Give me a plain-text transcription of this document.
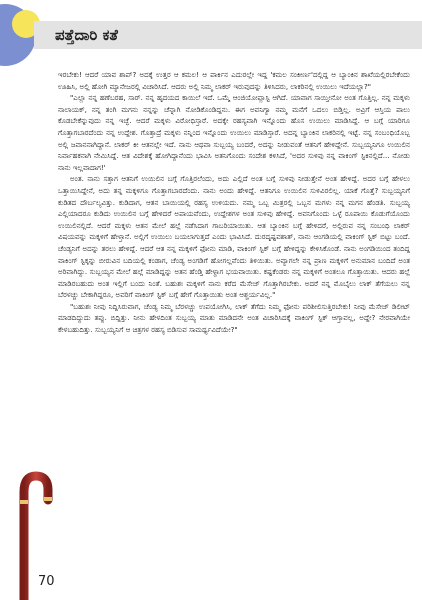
ಪತ್ತೆದಾರಿ ಕತೆ

ಇರಬೇಕು! ಆದರೆ ಯಾವ ಶಾಪ್? ಅದಕ್ಕೆ ಉತ್ತರ ಆ ಕಮಲ! ಆ ಪಾರ್ಕಿನ ಎದುರಲ್ಲೇ ಇದ್ದ 'ಕಮಲ ಸಂಕೀರ್ಣ'ದಲ್ಲಿದ್ದ ಆ ಬ್ಯಾಂಕಿನ ಶಾಖೆಯಲ್ಲಿರಬೇಕೆಂದು ಊಹಿಸಿ, ಅಲ್ಲಿ ಹೋಗಿ ಮ್ಯಾನೇಜರಲ್ಲಿ ವಿಚಾರಿಸಿದೆ. ಆದರು ಅಲ್ಲಿ ನಿಮ್ಮ ಲಾಕರ್ ಇರುವುದನ್ನು ತಿಳಿಸಿದರು, ಲಾಕರಿನಲ್ಲಿ ಉಯಿಲು ಇದೆಯಲ್ಲಾ?"

"ಎಲ್ಲಾ ನನ್ನ ಹಣೆಬರಹ, ಸಾರ್. ನನ್ನ ಹೃದಯದ ಕಾಯಿಲೆ ಇದೆ. ಒಮ್ಮೆ ಆಂಜಿಯೋಪ್ಲಾಸ್ಟಿ ಆಗಿದೆ. ಯಾವಾಗ ಸಾಯ್ತೀನೋ ಅಂತ ಗೊತ್ತಿಲ್ಲ. ನನ್ನ ಮಕ್ಕಳು ನಾಲಾಯಕ್, ನನ್ನ ತಂಗಿ ಮಗನು ನನ್ನನ್ನು ಚೆನ್ನಾಗಿ ನೋಡಿಕೊಂಡಿದ್ದನು. ಈಗ ಅವನಿಗ್ಯಾ ನಮ್ಮ ಮನೆಗೆ ಒದಲು ಬಿಡ್ತಿಲ್ಲ. ಅವ್ರಿಗೆ ಆಸ್ತಿಯ ಪಾಲು ಕೊಡಬೇಕೆನ್ನುವುದು ನನ್ನ ಇಚ್ಛೆ. ಆದರೆ ಮಕ್ಕಳು ವಿರೋಧಿಸ್ತಾರೆ. ಅದಕ್ಕೇ ರಹಸ್ಯವಾಗಿ ಇನ್ನೊಂದು ಹೊಸ ಉಯಿಲು ಮಾಡಿಸಿದ್ದೆ. ಆ ಬಗ್ಗೆ ಯಾರಿಗೂ ಗೊತ್ತಾಗಬಾರದೆಂದು ನನ್ನ ಉದ್ದೇಶ. ಗೊತ್ತಾದ್ರೆ ಮಕ್ಕಳು ನನ್ನಿಂದ ಇನ್ನೊಂದು ಉಯಿಲು ಮಾಡಿಸ್ತಾರೆ. ಅದನ್ನ ಬ್ಯಾಂಕಿನ ಲಾಕರಿನಲ್ಲಿ ಇಟ್ಟೆ. ನನ್ನ ಸಂಬಂಧಿಯೊಬ್ಬ ಅಲ್ಲಿ ಜವಾನನಾಗಿದ್ದಾನೆ. ಲಾಕರ್ ಕೀ ಆತನಲ್ಲೇ ಇದೆ. ನಾನು ಆಥವಾ ಸುಬ್ಬಯ್ಯ ಬಂದರೆ, ಅದನ್ನು ನೀಡುವಂತೆ ಆತನಿಗೆ ಹೇಳಿದ್ದೇನೆ. ಸುಬ್ಬಯ್ಯನಿಗೂ ಉಯಿಲಿನ ನಿರ್ವಾಹಕನಾಗಿ ನೇಮಿಸಿದ್ದೆ. ಆತ ವಿದೇಶಕ್ಕೆ ಹೋಗಿದ್ದಾನೆಂದು ಭಾವಿಸಿ ಅತನಿಗೊಂದು ಸಂದೇಶ ಕಳಿಸಿದೆ, 'ಅದರ ಸುಳಿವು ನನ್ನ ವಾಕಿಂಗ್ ಸ್ಟಿಕಿನಲ್ಲಿದೆ... ನೋಡು ನಾನು ಇಲ್ಲವಾದಾಗ!'

ಅಂತ. ನಾನು ಸತ್ತಾಗ ಆತನಿಗೆ ಉಯಿಲಿನ ಬಗ್ಗೆ ಗೊತ್ತಿರಲೆಂದು, ಅದು ಎಲ್ಲಿದೆ ಅಂತ ಬಗ್ಗೆ ಸುಳಿವು ನೀಡುತ್ತೇನೆ ಅಂತ ಹೇಳಿದ್ದೆ. ಅದರ ಬಗ್ಗೆ ಹೇಳಲು ಒತ್ತಾಯಿಸಿದ್ದೇನೆ, ಅದು ತನ್ನ ಮಕ್ಕಳಿಗೂ ಗೊತ್ತಾಗಬಾರದೆಂದು. ನಾನು ಅಂದು ಹೇಳಿದ್ದೆ. ಆತನಿಗೂ ಉಯಿಲಿನ ಸುಳಿವಿರಲಿಲ್ಲ. ಯಾಕೆ ಗೊತ್ತೆ? ಸುಬ್ಬಯ್ಯನಿಗೆ ಕುಡಿತದ ದೌರ್ಬಲ್ಯವಿತ್ತು. ಕುಡಿದಾಗ, ಆತನ ಬಾಯಿಯಲ್ಲಿ ರಹಸ್ಯ ಉಳಿಯದು. ನಮ್ಮ ಒಬ್ಬ ಮಿತ್ರರಲ್ಲಿ ಒಬ್ಬನ ಮಗಳು ನನ್ನ ಮಗನ ಹೆಂಡತಿ. ಸುಬ್ಬಯ್ಯ ಎಲ್ಲಿಯಾದರೂ ಕುಡಿದು ಉಯಿಲಿನ ಬಗ್ಗೆ ಹೇಳಿದರೆ ಅಪಾಯವೆಂದು, ಉದ್ದೇಶಗಳ ಅಂತ ಸುಳಿವು ಹೇಳಿದ್ದೆ. ಅವನಿಗೊಂದು ಒಳ್ಳೆ ರೂಪಾಯಿ ಕೊಡುಗೆಯೊಂದು ಉಯಿಲಿನಲ್ಲಿದೆ. ಆದರೆ ಮಕ್ಕಳು ಆತನ ಮೇಲೆ ಹಲ್ಲೆ ನಡೆಸಿದಾಗ ಗಾಬರಿಯಾಯಿತು. ಆತ ಬ್ಯಾಂಕಿನ ಬಗ್ಗೆ ಹೇಳಿದರೆ, ಅಲ್ಲಿರುವ ನನ್ನ ಸಂಬಂಧಿ ಲಾಕರ್ ವಿಷಯವನ್ನು ಮಕ್ಕಳಿಗೆ ಹೇಳ್ತಾನೆ. ಅಲ್ಲಿಗೆ ಉಯಿಲು ಬಯಲಾಗುತ್ತದೆ ಎಂದು ಭಾವಿಸಿದೆ. ದುರದೃಷ್ಟವಶಾತ್, ನಾನು ಆಂಗಡಿಯಲ್ಲಿ ವಾಕಿಂಗ್ ಸ್ಟಿಕ್ ಬಿಟ್ಟು ಬಂದೆ. ಚೆಂಡ್ಯನಿಗೆ ಅದನ್ನು ತರಲು ಹೇಳಿದ್ದೆ. ಆದರೆ ಆತ ನನ್ನ ಮಕ್ಕಳಿಗೆ ಫೋನು ಮಾಡಿ, ವಾಕಿಂಗ್ ಸ್ಟಿಕ್ ಬಗ್ಗೆ ಹೇಳಿದ್ದನ್ನು ಕೇಳಿಸಿಕೊಂಡೆ. ನಾನು ಅಂಗಡಿಯಿಂದ ತಂದಿದ್ದ ವಾಕಿಂಗ್ ಸ್ಟಿಕ್ಕನ್ನು ಬೀರುವಿನ ಬದಿಯಲ್ಲಿ ಕಂಡಾಗ, ಚೆಂಡ್ಯ ಅಂಗಡಿಗೆ ಹೋಗಲ್ಲವೆಂದು ತಿಳಿಯಿತು. ಅವ್ಯಾಗಲೇ ನನ್ನ ಪ್ರಾಣ ಮಕ್ಕಳಿಗೆ ಅನುಮಾನ ಬಂದಿದೆ ಅಂತ ಅರಿವಾಗಿದ್ದು. ಸುಬ್ಬಯ್ಯನ ಮೇಲೆ ಹಲ್ಲೆ ಮಾಡಿದ್ದನ್ನು ಅತನ ಹೆಂಡ್ತಿ ಹೇಳ್ದಾಗ ಭಯವಾಯಿತು. ಕಷ್ಟಕೆಂಡರು ನನ್ನ ಮಕ್ಕಳಿಗೆ ಅಂತಲೂ ಗೊತ್ತಾಯಿತು. ಆದರು ಹಲ್ಲೆ ಮಾಡಿರಬಹುದು ಅಂತ ಇಲ್ಲಿಗೆ ಬಂದು ನಿಂತೆ. ಬಹುಶಃ ಮಕ್ಕಳಿಗೆ ನಾನು ಕರೆದ ಮೆಸೇಜ್ ಗೊತ್ತಾಗಿರಬೇಕು. ಅದರೆ ನನ್ನ ಮೊಬೈಲು ಲಾಕ್ ತೆಗೆಯಲು ನನ್ನ ಬೆರಳಚ್ಚು ಬೇಕಾಗಿದ್ದರೂ, ಅವರಿಗೆ ವಾಕಿಂಗ್ ಸ್ಟಿಕ್ ಬಗ್ಗೆ ಹೇಗೆ ಗೊತ್ತಾಯಿತು ಅಂತ ಆಶ್ಚರ್ಯವಿಲ್ಲ."

"ಬಹುಶಃ ನೀವು ನಿದ್ದಿಸಿರುವಾಗ, ಚೆಂಡ್ಯ ನಿಮ್ಮ ಬೆರಳಚ್ಚು ಉಪಯೋಗಿಸಿ, ಲಾಕ್ ತೆಗೆದು ನಿಮ್ಮ ಫೋನು ಪರಿಶೀಲಿಸುತ್ತಿರಬೇಕು! ನೀವು ಮೆಸೇಜ್ ಡಿಲೀಟ್ ಮಾಡದಿದ್ದುದು ತಪ್ಪು. ಬಿದ್ದಿತ್ತು. ನೀನು ಹೇಳದಿಂತ ಸುಬ್ಬಯ್ಯ ಮಾತು ಮಾಡಿದನೇ ಅಂತ ವಿಚಾರಿಸಿದಕ್ಕೆ ವಾಕಿಂಗ್ ಸ್ಟಿಕ್ ಆಗ್ತಾವಲ್ಲ, ಅದ್ದೇ? ನೇರವಾಗಿಯೇ ಕೇಳಬಹುದಿತ್ತು. ಸುಬ್ಬಯ್ಯನಿಗೆ ಆ ಚಿತ್ರಗಳ ರಹಸ್ಯ ಬಿಡಿಸುವ ಸಾಮರ್ಥ್ಯವಿದೆಯೇ?"

70
